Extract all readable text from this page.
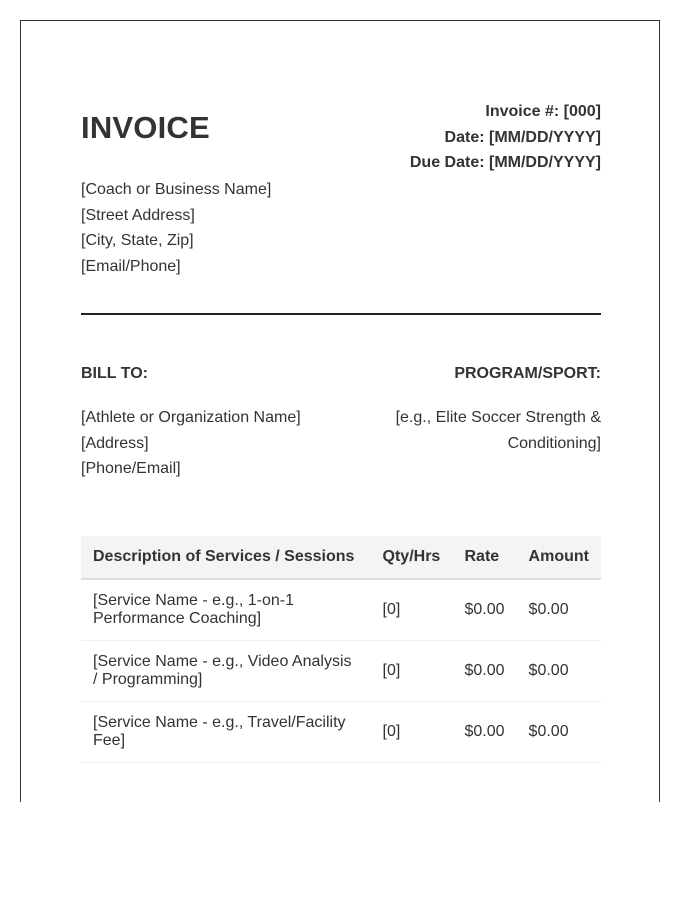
INVOICE	Invoice #: [000]
Date: [MM/DD/YYYY]
Due Date: [MM/DD/YYYY]
[Coach or Business Name]
[Street Address]
[City, State, Zip]
[Email/Phone]
BILL TO:	PROGRAM/SPORT:
[Athlete or Organization Name]
[Address]
[Phone/Email]
[e.g., Elite Soccer Strength & Conditioning]
Description of Services / Sessions	Qty/Hrs	Rate	Amount
[Service Name - e.g., 1-on-1 Performance Coaching]	[0]	$0.00	$0.00
[Service Name - e.g., Video Analysis / Programming]	[0]	$0.00	$0.00
[Service Name - e.g., Travel/Facility Fee]	[0]	$0.00	$0.00
